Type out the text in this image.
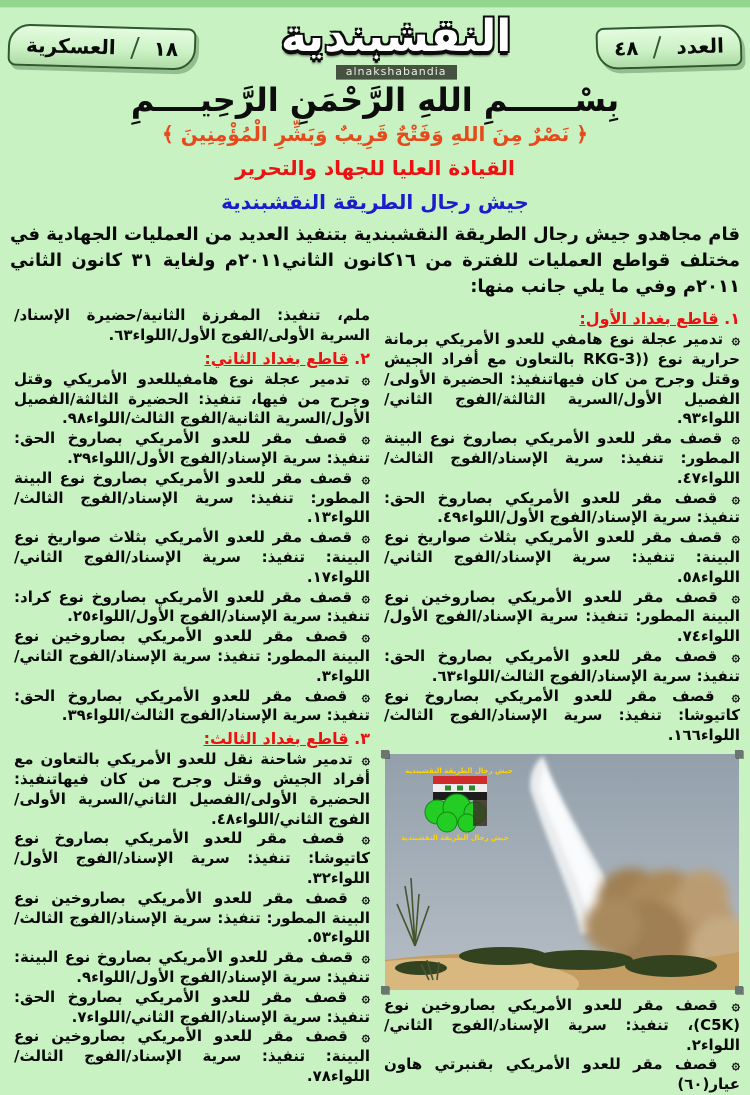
العدد
٤٨
النقشبندية
alnakshabandia
١٨
العسكرية
بِسْــــــمِ اللهِ الرَّحْمَنِ الرَّحِيــــمِ
﴿ نَصْرٌ مِنَ اللهِ وَفَتْحٌ قَرِيبٌ وَبَشِّرِ الْمُؤْمِنِينَ ﴾
القيادة العليا للجهاد والتحرير
جيش رجال الطريقة النقشبندية
قام مجاهدو جيش رجال الطريقة النقشبندية بتنفيذ العديد من العمليات الجهادية في مختلف قواطع العمليات للفترة من ١٦كانون الثاني٢٠١١م ولغاية ٣١ كانون الثاني ٢٠١١م وفي ما يلي جانب منها:
١. قاطع بغداد الأول:
۞ تدمير عجلة نوع هامفي للعدو الأمريكي برمانة حرارية نوع ((RKG-3 بالتعاون مع أفراد الجيش وقتل وجرح من كان فيهاتنفيذ: الحضيرة الأولى/الفصيل الأول/السرية الثالثة/الفوج الثاني/اللواء٩٣.
۞ قصف مقر للعدو الأمريكي بصاروخ نوع البينة المطور: تنفيذ: سرية الإسناد/الفوج الثالث/اللواء٤٧.
۞ قصف مقر للعدو الأمريكي بصاروخ الحق: تنفيذ: سرية الإسناد/الفوج الأول/اللواء٤٩.
۞ قصف مقر للعدو الأمريكي بثلاث صواريخ نوع البينة: تنفيذ: سرية الإسناد/الفوج الثاني/اللواء٥٨.
۞ قصف مقر للعدو الأمريكي بصاروخين نوع البينة المطور: تنفيذ: سرية الإسناد/الفوج الأول/اللواء٧٤.
۞ قصف مقر للعدو الأمريكي بصاروخ الحق: تنفيذ: سرية الإسناد/الفوج الثالث/اللواء٦٣.
۞ قصف مقر للعدو الأمريكي بصاروخ نوع كاتيوشا: تنفيذ: سرية الإسناد/الفوج الثالث/اللواء١٦٦.
جيش رجال الطريقة النقشبندية
جيش رجال الطريقة النقشبندية
۞ قصف مقر للعدو الأمريكي بصاروخين نوع (C5K)، تنفيذ: سرية الإسناد/الفوج الثاني/اللواء٢.
۞ قصف مقر للعدو الأمريكي بقنبرتي هاون عيار(٦٠)
ملم، تنفيذ: المفرزة الثانية/حضيرة الإسناد/السرية الأولى/الفوج الأول/اللواء٦٣.
٢. قاطع بغداد الثاني:
۞ تدمير عجلة نوع هامفيللعدو الأمريكي وقتل وجرح من فيها، تنفيذ: الحضيرة الثالثة/الفصيل الأول/السرية الثانية/الفوج الثالث/اللواء٩٨.
۞ قصف مقر للعدو الأمريكي بصاروخ الحق: تنفيذ: سرية الإسناد/الفوج الأول/اللواء٣٩.
۞ قصف مقر للعدو الأمريكي بصاروخ نوع البينة المطور: تنفيذ: سرية الإسناد/الفوج الثالث/اللواء١٣.
۞ قصف مقر للعدو الأمريكي بثلاث صواريخ نوع البينة: تنفيذ: سرية الإسناد/الفوج الثاني/اللواء١٧.
۞ قصف مقر للعدو الأمريكي بصاروخ نوع كراد: تنفيذ: سرية الإسناد/الفوج الأول/اللواء٢٥.
۞ قصف مقر للعدو الأمريكي بصاروخين نوع البينة المطور: تنفيذ: سرية الإسناد/الفوج الثاني/اللواء٣.
۞ قصف مقر للعدو الأمريكي بصاروخ الحق: تنفيذ: سرية الإسناد/الفوج الثالث/اللواء٣٩.
٣. قاطع بغداد الثالث:
۞ تدمير شاحنة نقل للعدو الأمريكي بالتعاون مع أفراد الجيش وقتل وجرح من كان فيهاتنفيذ: الحضيرة الأولى/الفصيل الثاني/السرية الأولى/الفوج الثاني/اللواء٤٨.
۞ قصف مقر للعدو الأمريكي بصاروخ نوع كاتيوشا: تنفيذ: سرية الإسناد/الفوج الأول/اللواء٣٢.
۞ قصف مقر للعدو الأمريكي بصاروخين نوع البينة المطور: تنفيذ: سرية الإسناد/الفوج الثالث/اللواء٥٣.
۞ قصف مقر للعدو الأمريكي بصاروخ نوع البينة: تنفيذ: سرية الإسناد/الفوج الأول/اللواء٩.
۞ قصف مقر للعدو الأمريكي بصاروخ الحق: تنفيذ: سرية الإسناد/الفوج الثاني/اللواء٧.
۞ قصف مقر للعدو الأمريكي بصاروخين نوع البينة: تنفيذ: سرية الإسناد/الفوج الثالث/اللواء٧٨.
